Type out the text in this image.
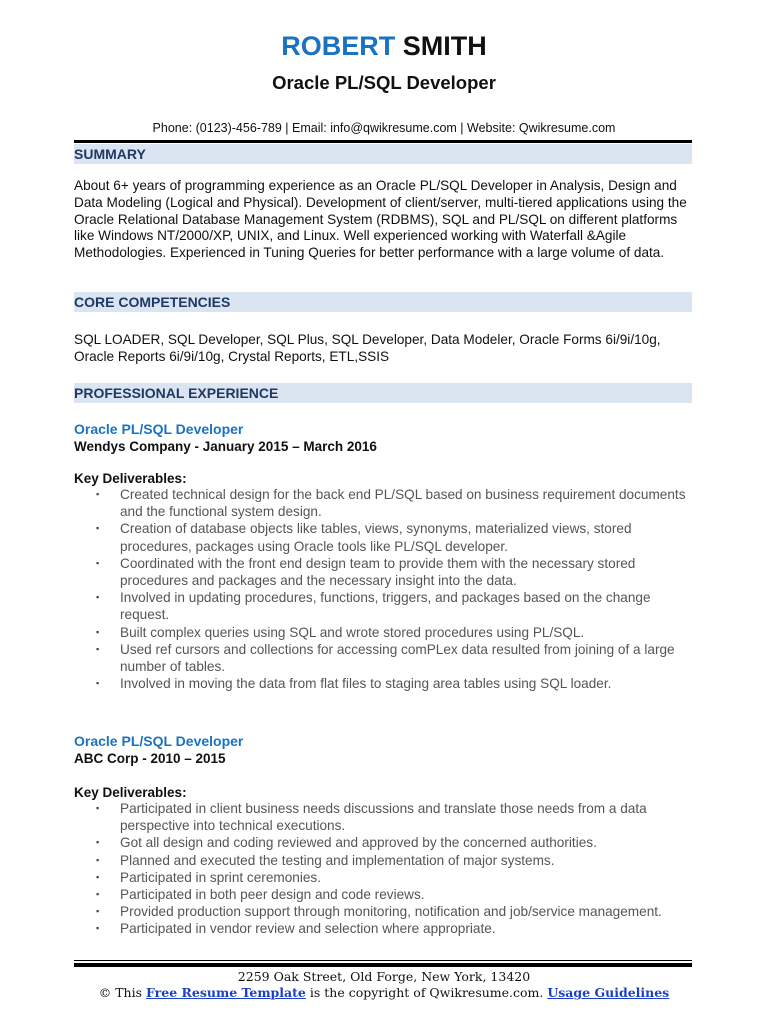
ROBERT SMITH
Oracle PL/SQL Developer
Phone: (0123)-456-789 | Email: info@qwikresume.com | Website: Qwikresume.com
SUMMARY
About 6+ years of programming experience as an Oracle PL/SQL Developer in Analysis, Design and Data Modeling (Logical and Physical). Development of client/server, multi-tiered applications using the Oracle Relational Database Management System (RDBMS), SQL and PL/SQL on different platforms like Windows NT/2000/XP, UNIX, and Linux. Well experienced working with Waterfall &Agile Methodologies. Experienced in Tuning Queries for better performance with a large volume of data.
CORE COMPETENCIES
SQL LOADER, SQL Developer, SQL Plus, SQL Developer, Data Modeler, Oracle Forms 6i/9i/10g, Oracle Reports 6i/9i/10g, Crystal Reports, ETL,SSIS
PROFESSIONAL EXPERIENCE
Oracle PL/SQL Developer
Wendys Company - January 2015 – March 2016
Key Deliverables:
▪ Created technical design for the back end PL/SQL based on business requirement documents and the functional system design.
▪ Creation of database objects like tables, views, synonyms, materialized views, stored procedures, packages using Oracle tools like PL/SQL developer.
▪ Coordinated with the front end design team to provide them with the necessary stored procedures and packages and the necessary insight into the data.
▪ Involved in updating procedures, functions, triggers, and packages based on the change request.
▪ Built complex queries using SQL and wrote stored procedures using PL/SQL.
▪ Used ref cursors and collections for accessing comPLex data resulted from joining of a large number of tables.
▪ Involved in moving the data from flat files to staging area tables using SQL loader.
Oracle PL/SQL Developer
ABC Corp - 2010 – 2015
Key Deliverables:
▪ Participated in client business needs discussions and translate those needs from a data perspective into technical executions.
▪ Got all design and coding reviewed and approved by the concerned authorities.
▪ Planned and executed the testing and implementation of major systems.
▪ Participated in sprint ceremonies.
▪ Participated in both peer design and code reviews.
▪ Provided production support through monitoring, notification and job/service management.
▪ Participated in vendor review and selection where appropriate.
2259 Oak Street, Old Forge, New York, 13420
© This Free Resume Template is the copyright of Qwikresume.com. Usage Guidelines
